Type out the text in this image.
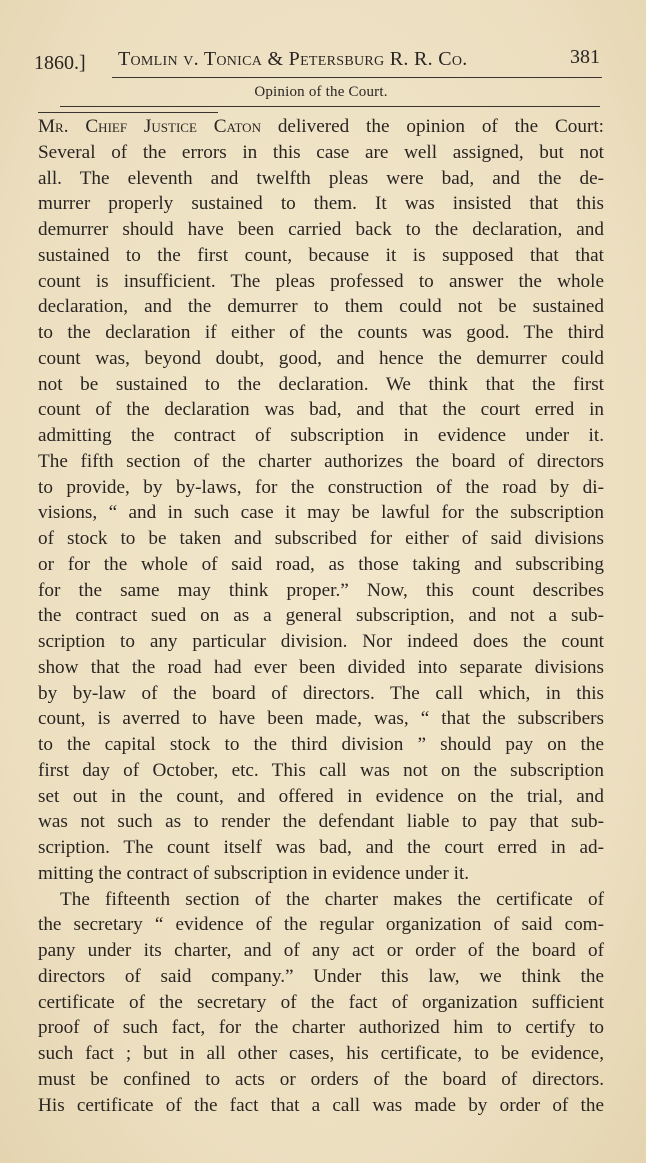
1860.] Tomlin v. Tonica & Petersburg R. R. Co.	381
Opinion of the Court.
Mr. Chief Justice Caton delivered the opinion of the Court:
Several of the errors in this case are well assigned, but not
all. The eleventh and twelfth pleas were bad, and the de-
murrer properly sustained to them. It was insisted that this
demurrer should have been carried back to the declaration, and
sustained to the first count, because it is supposed that that
count is insufficient. The pleas professed to answer the whole
declaration, and the demurrer to them could not be sustained
to the declaration if either of the counts was good. The third
count was, beyond doubt, good, and hence the demurrer could
not be sustained to the declaration. We think that the first
count of the declaration was bad, and that the court erred in
admitting the contract of subscription in evidence under it.
The fifth section of the charter authorizes the board of directors
to provide, by by-laws, for the construction of the road by di-
visions, “ and in such case it may be lawful for the subscription
of stock to be taken and subscribed for either of said divisions
or for the whole of said road, as those taking and subscribing
for the same may think proper.” Now, this count describes
the contract sued on as a general subscription, and not a sub-
scription to any particular division. Nor indeed does the count
show that the road had ever been divided into separate divisions
by by-law of the board of directors. The call which, in this
count, is averred to have been made, was, “ that the subscribers
to the capital stock to the third division ” should pay on the
first day of October, etc. This call was not on the subscription
set out in the count, and offered in evidence on the trial, and
was not such as to render the defendant liable to pay that sub-
scription. The count itself was bad, and the court erred in ad-
mitting the contract of subscription in evidence under it.
The fifteenth section of the charter makes the certificate of
the secretary “ evidence of the regular organization of said com-
pany under its charter, and of any act or order of the board of
directors of said company.” Under this law, we think the
certificate of the secretary of the fact of organization sufficient
proof of such fact, for the charter authorized him to certify to
such fact ; but in all other cases, his certificate, to be evidence,
must be confined to acts or orders of the board of directors.
His certificate of the fact that a call was made by order of the
